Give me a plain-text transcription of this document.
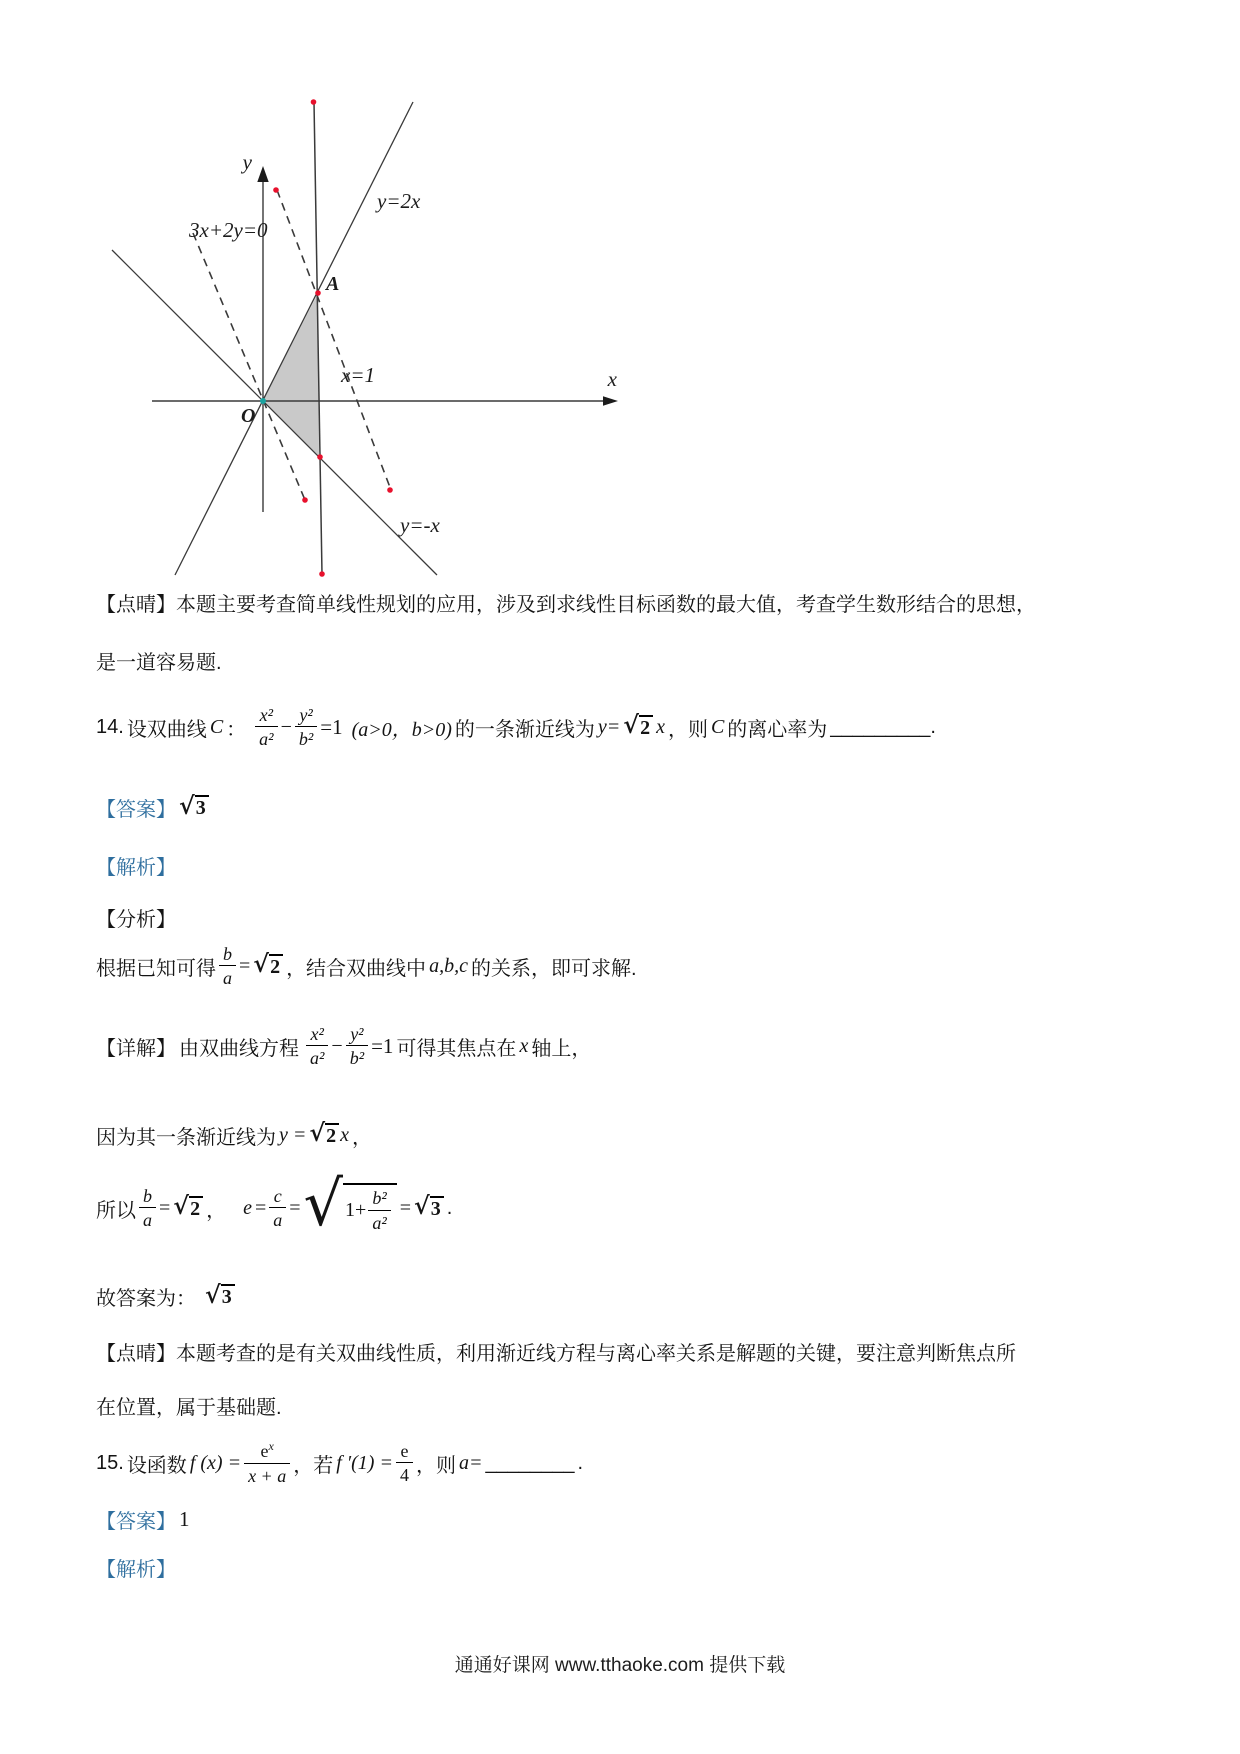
y
x
y=2x
3x+2y=0
x=1
y=-x
A
O
【点晴】本题主要考查简单线性规划的应用，涉及到求线性目标函数的最大值，考查学生数形结合的思想，
是一道容易题.
14. 设双曲线 C ： $\frac{\text{x²}}{\text{a²}} - \frac{\text{y²}}{\text{b²}} =1$ (a>0，b>0) 的一条渐近线为 y= √ 2 x ，则 C 的离心率为 _________.
【答案】 √ 3
【解析】
【分析】
根据已知可得 $\frac{b}{a}$ = √ 2 ，结合双曲线中 a,b,c 的关系，即可求解.
【详解】 由双曲线方程 $\frac{\text{x²}}{\text{a²}} - \frac{\text{y²}}{\text{b²}} =1$ 可得其焦点在 x 轴上，
因为其一条渐近线为 y = √ 2 x ，
所以 $\frac{b}{a}$ = √ 2 ， $e = \frac{c}{a}$ = √ $1+ \frac{\text{b²}}{\text{a²}}$ = √ 3 .
故答案为： √ 3
【点晴】本题考查的是有关双曲线性质，利用渐近线方程与离心率关系是解题的关键，要注意判断焦点所
在位置，属于基础题.
15. 设函数 f $(x) = \frac{e^x}{x + a}$ ，若 f $'(1) = \frac{e}{4}$ ，则 a= ________ .
【答案】 1
【解析】
通通好课网 www.tthaoke.com 提供下载
